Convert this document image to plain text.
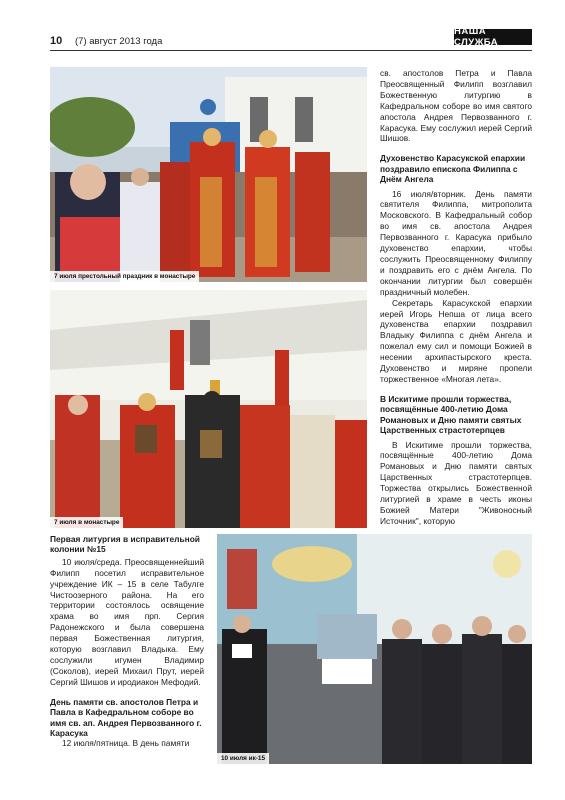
10 (7) август 2013 года
НАША СЛУЖБА
7 июля престольный праздник в монастыре
7 июля в монастыре
10 июля ик-15

св. апостолов Петра и Павла Преосвященный Филипп возглавил Божественную литургию в Кафедральном соборе во имя святого апостола Андрея Первозванного г. Карасука. Ему сослужил иерей Сергий Шишов.

Духовенство Карасукской епархии поздравило епископа Филиппа с Днём Ангела

16 июля/вторник. День памяти святителя Филиппа, митрополита Московского. В Кафедральный собор во имя св. апостола Андрея Первозванного г. Карасука прибыло духовенство епархии, чтобы сослужить Преосвященному Филиппу и поздравить его с днём Ангела. По окончании литургии был совершён праздничный молебен.

Секретарь Карасукской епархии иерей Игорь Непша от лица всего духовенства епархии поздравил Владыку Филиппа с днём Ангела и пожелал ему сил и помощи Божией в несении архипастырского креста. Духовенство и миряне пропели торжественное «Многая лета».

В Искитиме прошли торжества, посвящённые 400-летию Дома Романовых и Дню памяти святых Царственных страстотерпцев

В Искитиме прошли торжества, посвящённые 400-летию Дома Романовых и Дню памяти святых Царственных страстотерпцев. Торжества открылись Божественной литургией в храме в честь иконы Божией Матери "Живоносный Источник", которую

Первая литургия в исправительной колонии №15

10 июля/среда. Преосвященнейший Филипп посетил исправительное учреждение ИК – 15 в селе Табулге Чистоозерного района. На его территории состоялось освящение храма во имя прп. Сергия Радонежского и была совершена первая Божественная литургия, которую возглавил Владыка. Ему сослужили игумен Владимир (Соколов), иерей Михаил Прут, иерей Сергий Шишов и иродиакон Мефодий.

День памяти св. апостолов Петра и Павла в Кафедральном соборе во имя св. ап. Андрея Первозванного г. Карасука

12 июля/пятница. В день памяти
